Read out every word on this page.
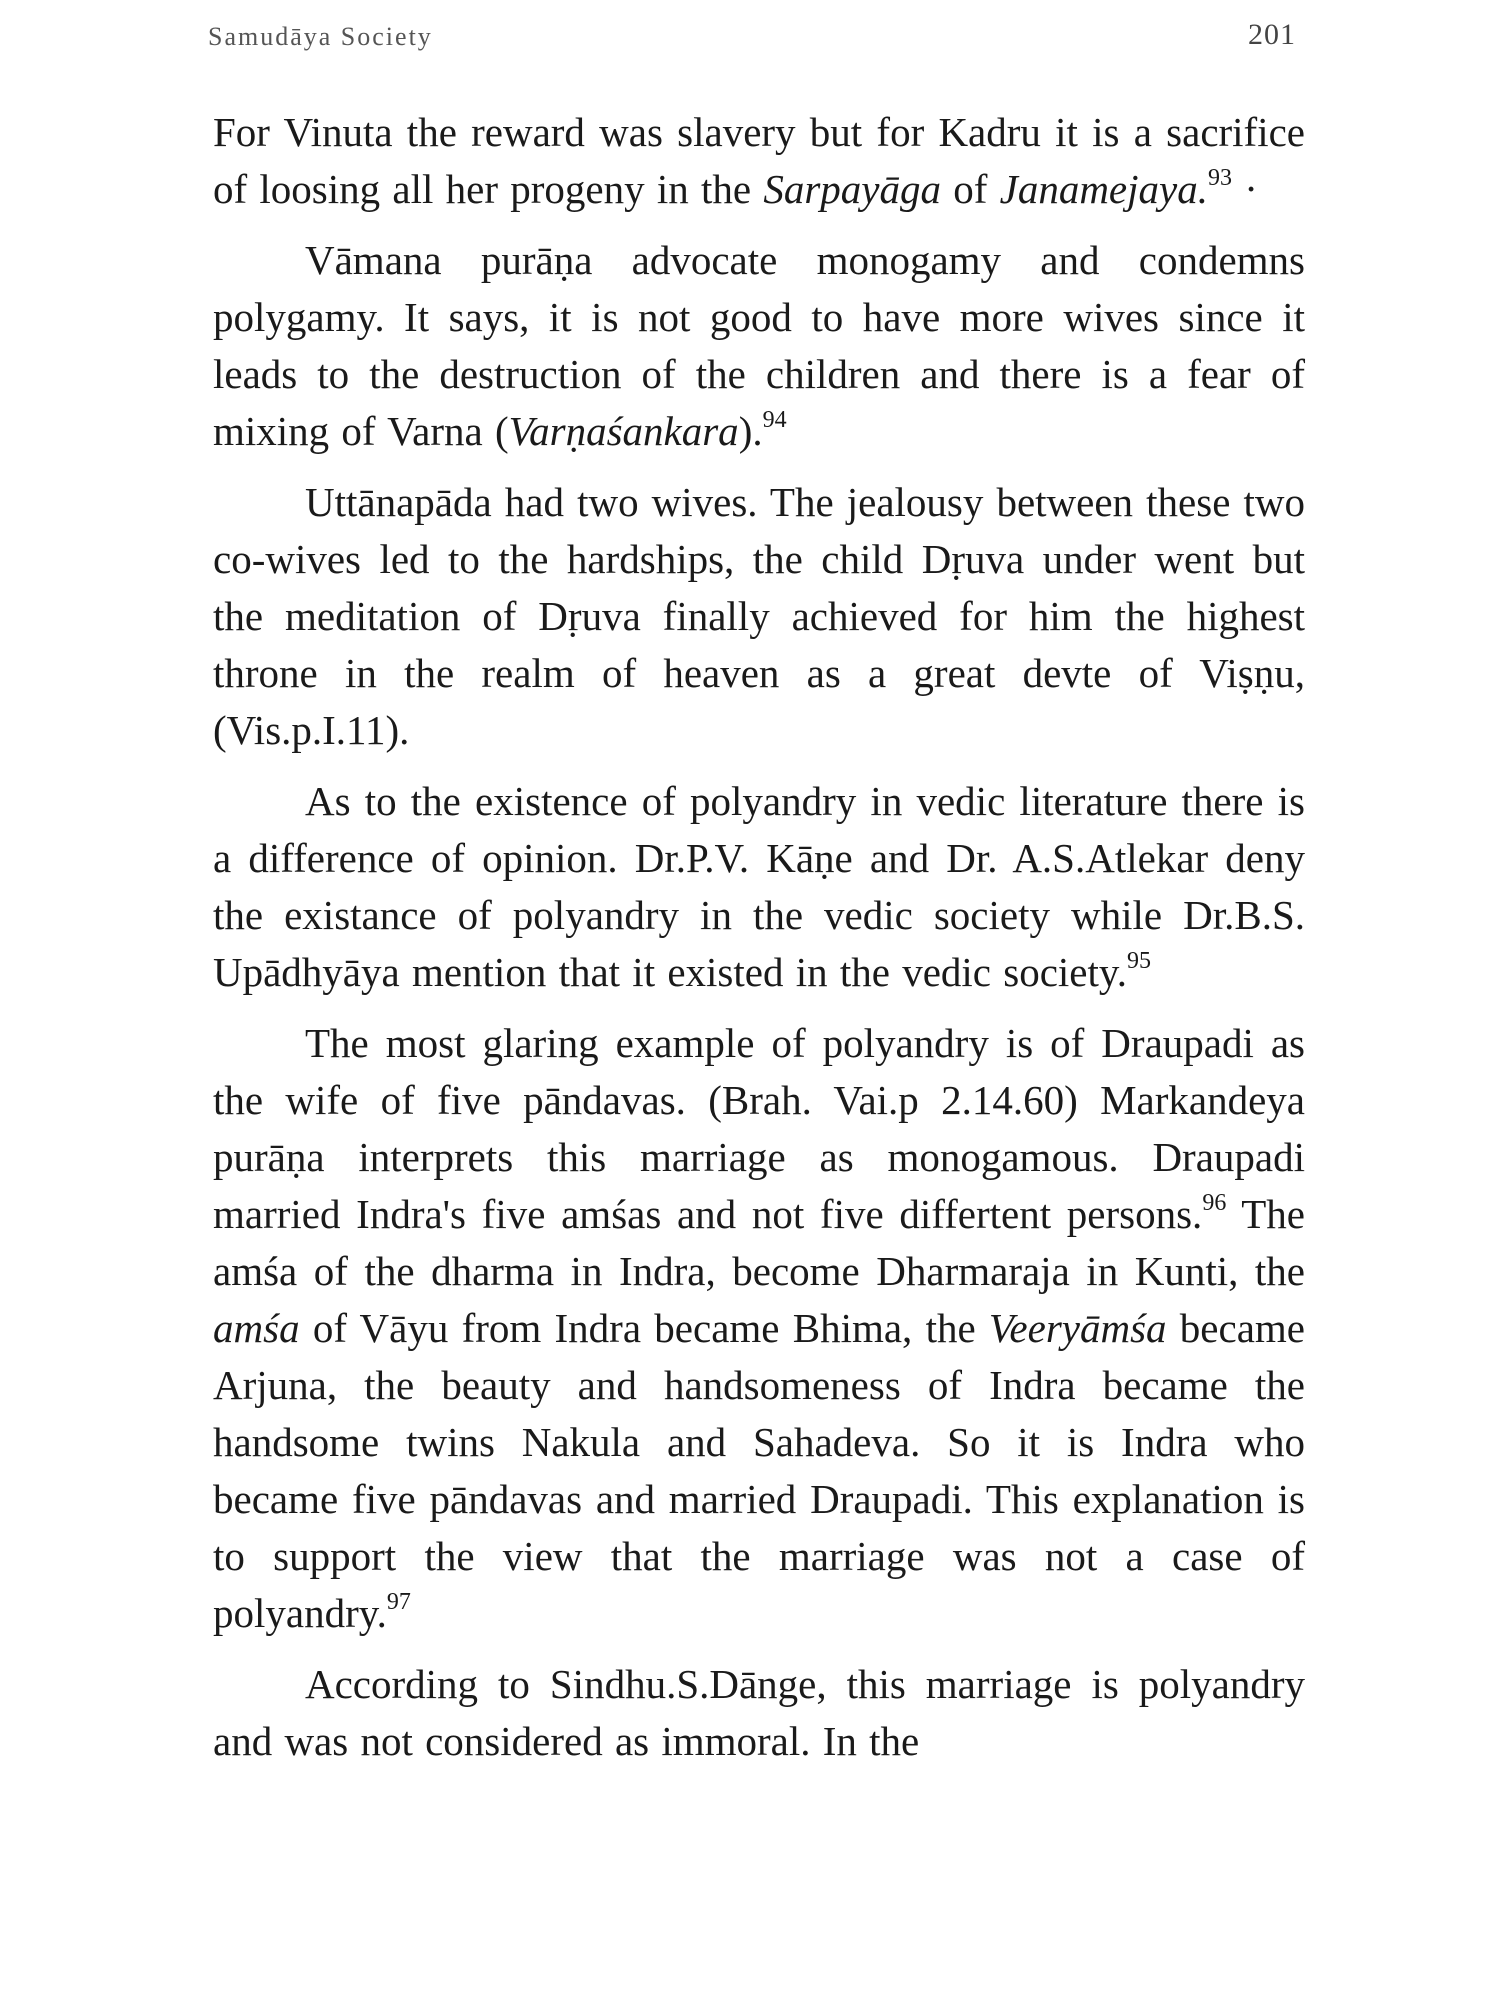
Samudāya Society	201

For Vinuta the reward was slavery but for Kadru it is a sacrifice of loosing all her progeny in the Sarpayāga of Janamejaya.$^{93}$ ·

Vāmana purāṇa advocate monogamy and condemns polygamy. It says, it is not good to have more wives since it leads to the destruction of the children and there is a fear of mixing of Varna (Varṇaśankara).$^{94}$

Uttānapāda had two wives. The jealousy between these two co-wives led to the hardships, the child Dṛuva under went but the meditation of Dṛuva finally achieved for him the highest throne in the realm of heaven as a great devte of Viṣṇu, (Vis.p.I.11).

As to the existence of polyandry in vedic literature there is a difference of opinion. Dr.P.V. Kāṇe and Dr. A.S.Atlekar deny the existance of polyandry in the vedic society while Dr.B.S. Upādhyāya mention that it existed in the vedic society.$^{95}$

The most glaring example of polyandry is of Draupadi as the wife of five pāndavas. (Brah. Vai.p 2.14.60) Markandeya purāṇa interprets this marriage as monogamous. Draupadi married Indra's five amśas and not five differtent persons.$^{96}$ The amśa of the dharma in Indra, become Dharmaraja in Kunti, the amśa of Vāyu from Indra became Bhima, the Veeryāmśa became Arjuna, the beauty and handsomeness of Indra became the handsome twins Nakula and Sahadeva. So it is Indra who became five pāndavas and married Draupadi. This explanation is to support the view that the marriage was not a case of polyandry.$^{97}$

According to Sindhu.S.Dānge, this marriage is polyandry and was not considered as immoral. In the
